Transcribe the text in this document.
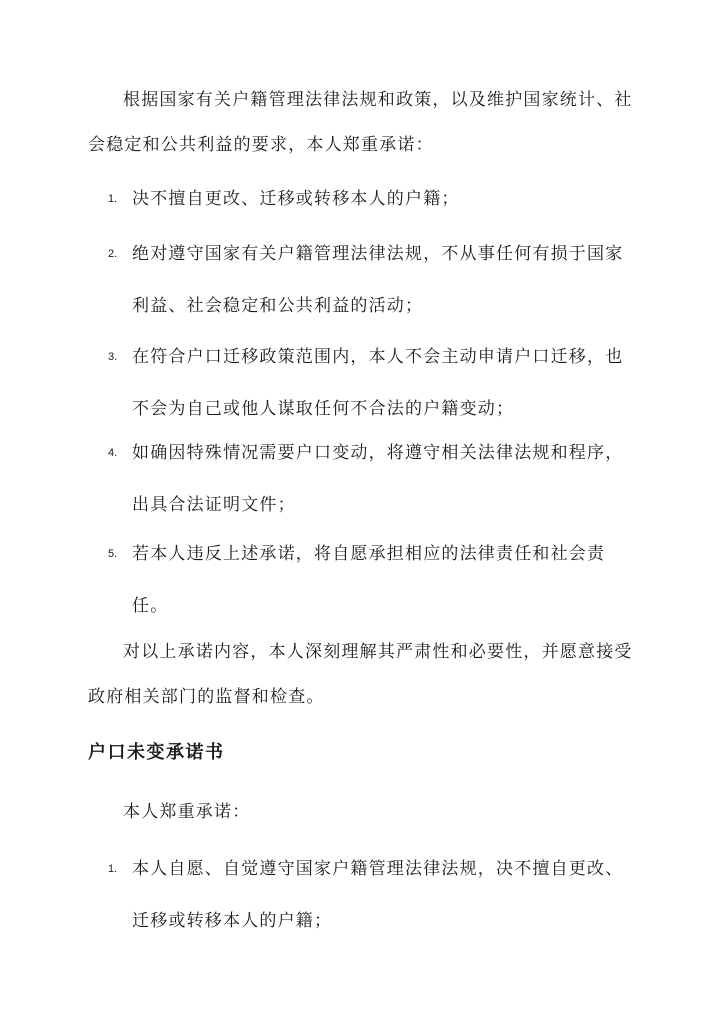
根据国家有关户籍管理法律法规和政策，以及维护国家统计、社会稳定和公共利益的要求，本人郑重承诺：

1. 决不擅自更改、迁移或转移本人的户籍；
2. 绝对遵守国家有关户籍管理法律法规，不从事任何有损于国家利益、社会稳定和公共利益的活动；
3. 在符合户口迁移政策范围内，本人不会主动申请户口迁移，也不会为自己或他人谋取任何不合法的户籍变动；
4. 如确因特殊情况需要户口变动，将遵守相关法律法规和程序，出具合法证明文件；
5. 若本人违反上述承诺，将自愿承担相应的法律责任和社会责任。

对以上承诺内容，本人深刻理解其严肃性和必要性，并愿意接受政府相关部门的监督和检查。

户口未变承诺书

本人郑重承诺：

1. 本人自愿、自觉遵守国家户籍管理法律法规，决不擅自更改、迁移或转移本人的户籍；
